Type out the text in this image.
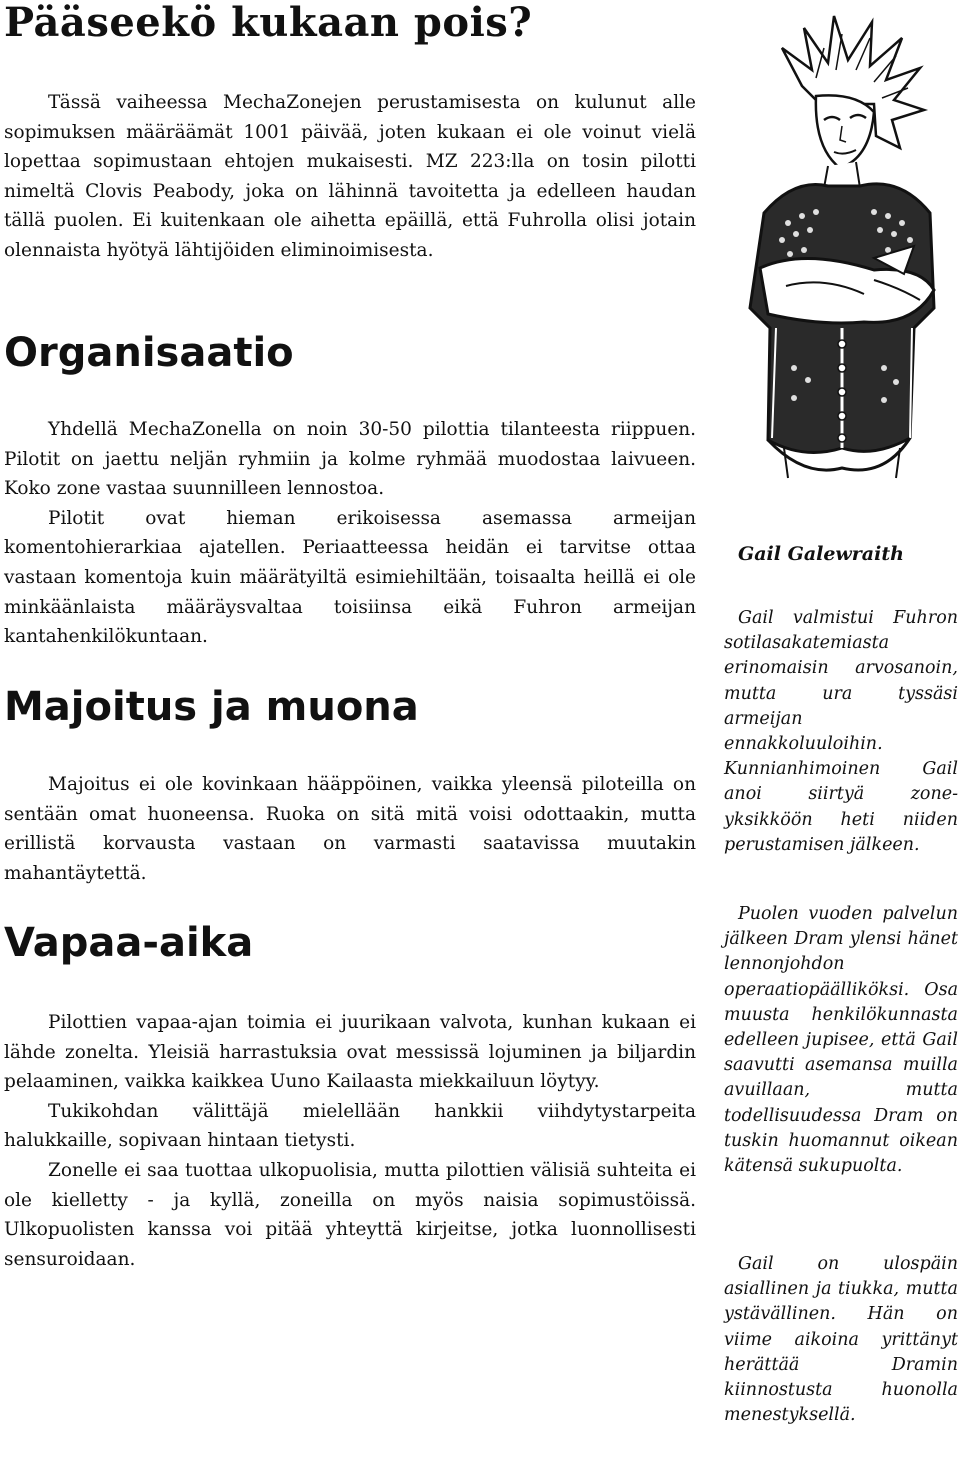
Pääseekö kukaan pois?

Tässä vaiheessa MechaZonejen perustamisesta on kulunut alle sopimuksen määräämät 1001 päivää, joten kukaan ei ole voinut vielä lopettaa sopimustaan ehtojen mukaisesti. MZ 223:lla on tosin pilotti nimeltä Clovis Peabody, joka on lähinnä tavoitetta ja edelleen haudan tällä puolen. Ei kuitenkaan ole aihetta epäillä, että Fuhrolla olisi jotain olennaista hyötyä lähtijöiden eliminoimisesta.

Organisaatio

Yhdellä MechaZonella on noin 30-50 pilottia tilanteesta riippuen. Pilotit on jaettu neljän ryhmiin ja kolme ryhmää muodostaa laivueen. Koko zone vastaa suunnilleen lennostoa.

Pilotit ovat hieman erikoisessa asemassa armeijan komentohierarkiaa ajatellen. Periaatteessa heidän ei tarvitse ottaa vastaan komentoja kuin määrätyiltä esimiehiltään, toisaalta heillä ei ole minkäänlaista määräysvaltaa toisiinsa eikä Fuhron armeijan kantahenkilökuntaan.

Majoitus ja muona

Majoitus ei ole kovinkaan hääppöinen, vaikka yleensä piloteilla on sentään omat huoneensa. Ruoka on sitä mitä voisi odottaakin, mutta erillistä korvausta vastaan on varmasti saatavissa muutakin mahantäytettä.

Vapaa-aika

Pilottien vapaa-ajan toimia ei juurikaan valvota, kunhan kukaan ei lähde zonelta. Yleisiä harrastuksia ovat messissä lojuminen ja biljardin pelaaminen, vaikka kaikkea Uuno Kailaasta miekkailuun löytyy.

Tukikohdan välittäjä mielellään hankkii viihdytystarpeita halukkaille, sopivaan hintaan tietysti.

Zonelle ei saa tuottaa ulkopuolisia, mutta pilottien välisiä suhteita ei ole kielletty - ja kyllä, zoneilla on myös naisia sopimustöissä. Ulkopuolisten kanssa voi pitää yhteyttä kirjeitse, jotka luonnollisesti sensuroidaan.

Gail Galewraith

Gail valmistui Fuhron sotilasakatemiasta erinomaisin arvosanoin, mutta ura tyssäsi armeijan ennakkoluuloihin. Kunnianhimoinen Gail anoi siirtyä zone-yksikköön heti niiden perustamisen jälkeen.

Puolen vuoden palvelun jälkeen Dram ylensi hänet lennonjohdon operaatiopäälliköksi. Osa muusta henkilökunnasta edelleen jupisee, että Gail saavutti asemansa muilla avuillaan, mutta todellisuudessa Dram on tuskin huomannut oikean kätensä sukupuolta.

Gail on ulospäin asiallinen ja tiukka, mutta ystävällinen. Hän on viime aikoina yrittänyt herättää Dramin kiinnostusta huonolla menestyksellä.
